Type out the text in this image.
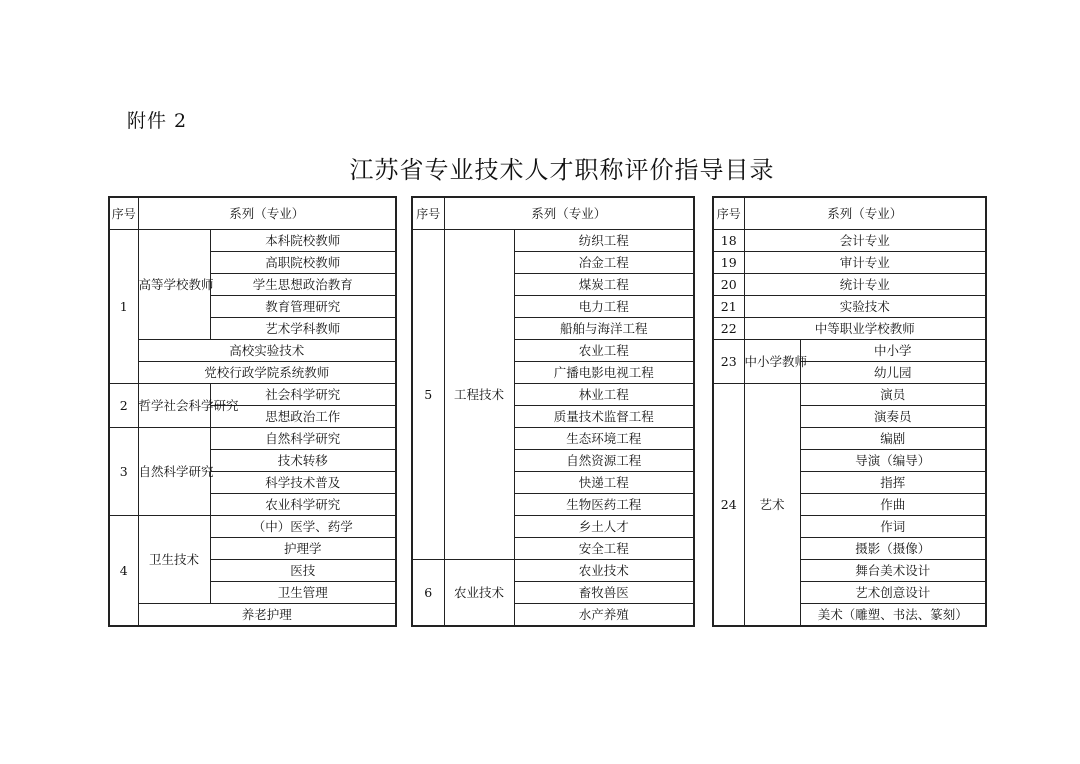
附件 2
江苏省专业技术人才职称评价指导目录
序号	系列（专业）	
1	高等学校教师	本科院校教师
		高职院校教师
		学生思想政治教育
		教育管理研究
		艺术学科教师
	高校实验技术	
	党校行政学院系统教师	
2	哲学社会科学研究	社会科学研究
		思想政治工作
3	自然科学研究	自然科学研究
		技术转移
		科学技术普及
		农业科学研究
4	卫生技术	（中）医学、药学
		护理学
		医技
		卫生管理
	养老护理	
序号	系列（专业）	
5	工程技术	纺织工程
		冶金工程
		煤炭工程
		电力工程
		船舶与海洋工程
		农业工程
		广播电影电视工程
		林业工程
		质量技术监督工程
		生态环境工程
		自然资源工程
		快递工程
		生物医药工程
		乡土人才
		安全工程
6	农业技术	农业技术
		畜牧兽医
		水产养殖
序号	系列（专业）	
18	会计专业	
19	审计专业	
20	统计专业	
21	实验技术	
22	中等职业学校教师	
23	中小学教师	中小学
		幼儿园
24	艺术	演员
		演奏员
		编剧
		导演（编导）
		指挥
		作曲
		作词
		摄影（摄像）
		舞台美术设计
		艺术创意设计
		美术（雕塑、书法、篆刻）
